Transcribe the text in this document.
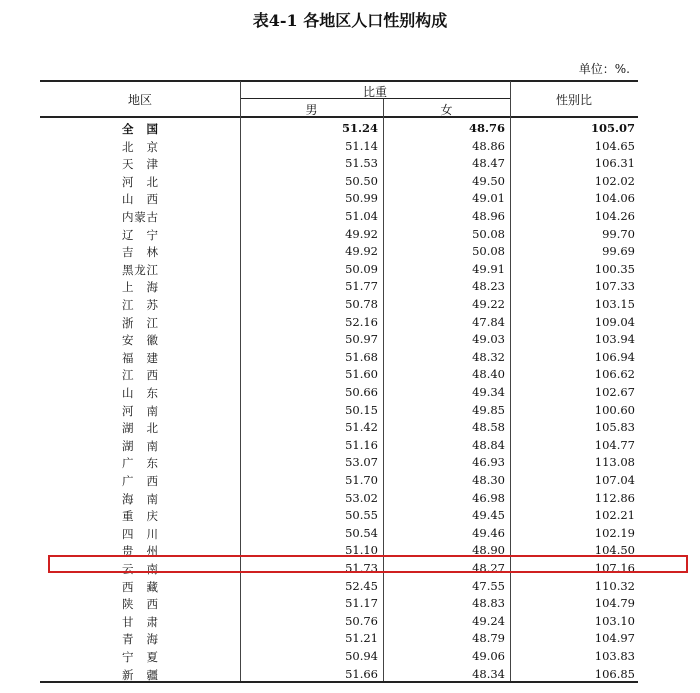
表4-1 各地区人口性别构成
单位：%.
地区
比重
男	女
性别比
全国	51.24	48.76	105.07
北京	51.14	48.86	104.65
天津	51.53	48.47	106.31
河北	50.50	49.50	102.02
山西	50.99	49.01	104.06
内蒙古	51.04	48.96	104.26
辽宁	49.92	50.08	99.70
吉林	49.92	50.08	99.69
黑龙江	50.09	49.91	100.35
上海	51.77	48.23	107.33
江苏	50.78	49.22	103.15
浙江	52.16	47.84	109.04
安徽	50.97	49.03	103.94
福建	51.68	48.32	106.94
江西	51.60	48.40	106.62
山东	50.66	49.34	102.67
河南	50.15	49.85	100.60
湖北	51.42	48.58	105.83
湖南	51.16	48.84	104.77
广东	53.07	46.93	113.08
广西	51.70	48.30	107.04
海南	53.02	46.98	112.86
重庆	50.55	49.45	102.21
四川	50.54	49.46	102.19
贵州	51.10	48.90	104.50
云南	51.73	48.27	107.16
西藏	52.45	47.55	110.32
陕西	51.17	48.83	104.79
甘肃	50.76	49.24	103.10
青海	51.21	48.79	104.97
宁夏	50.94	49.06	103.83
新疆	51.66	48.34	106.85
